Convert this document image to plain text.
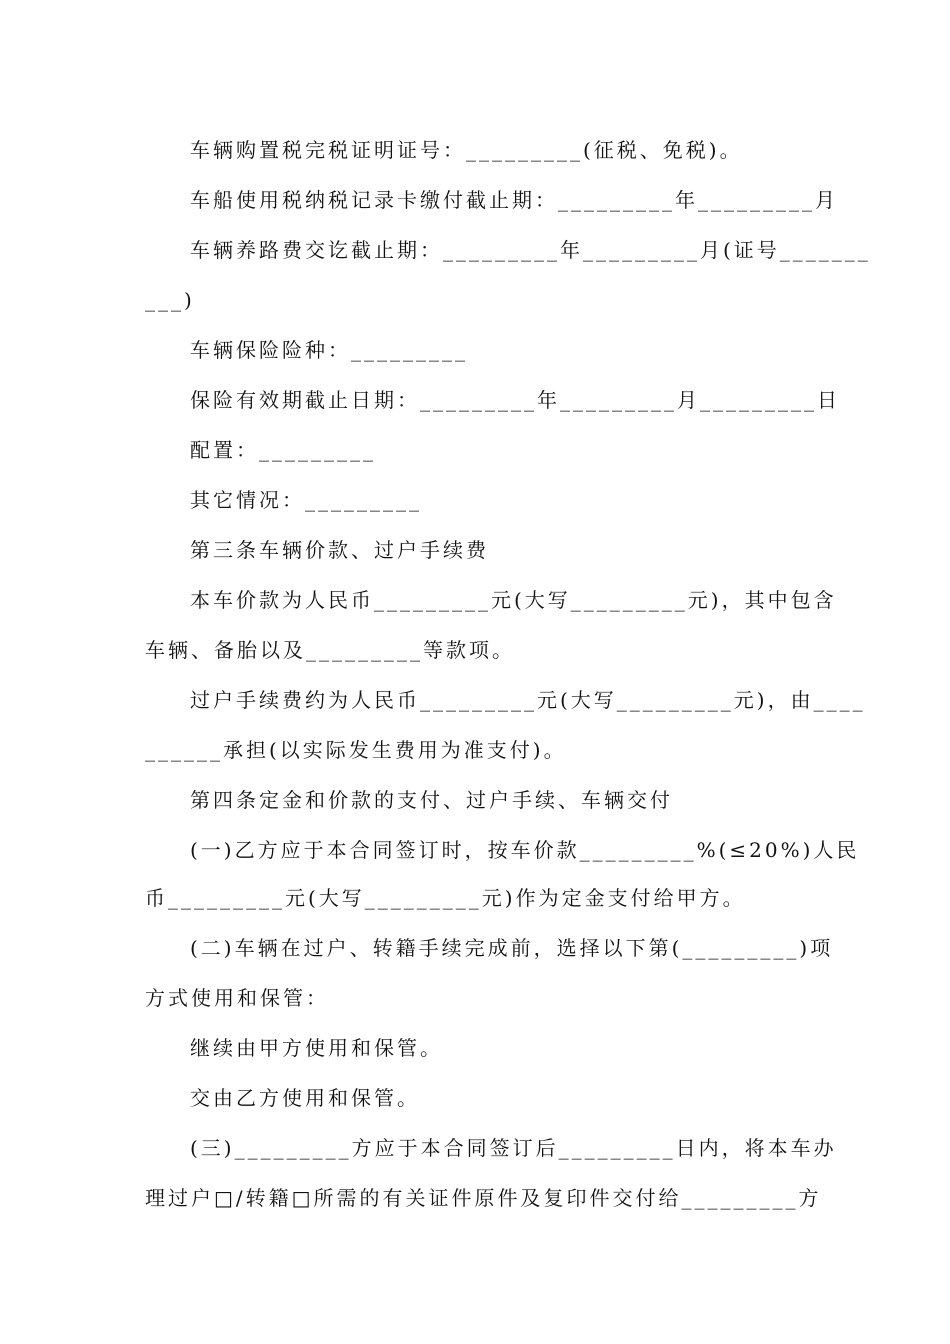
车辆购置税完税证明证号：_________(征税、免税)。
车船使用税纳税记录卡缴付截止期：_________年_________月
车辆养路费交讫截止期：_________年_________月(证号_______
___)
车辆保险险种：_________
保险有效期截止日期：_________年_________月_________日
配置：_________
其它情况：_________
第三条车辆价款、过户手续费
本车价款为人民币_________元(大写_________元)，其中包含
车辆、备胎以及_________等款项。
过户手续费约为人民币_________元(大写_________元)，由____
______承担(以实际发生费用为准支付)。
第四条定金和价款的支付、过户手续、车辆交付
(一)乙方应于本合同签订时，按车价款_________%(≤20%)人民
币_________元(大写_________元)作为定金支付给甲方。
(二)车辆在过户、转籍手续完成前，选择以下第(_________)项
方式使用和保管：
继续由甲方使用和保管。
交由乙方使用和保管。
(三)_________方应于本合同签订后_________日内，将本车办
理过户□/转籍□所需的有关证件原件及复印件交付给_________方
